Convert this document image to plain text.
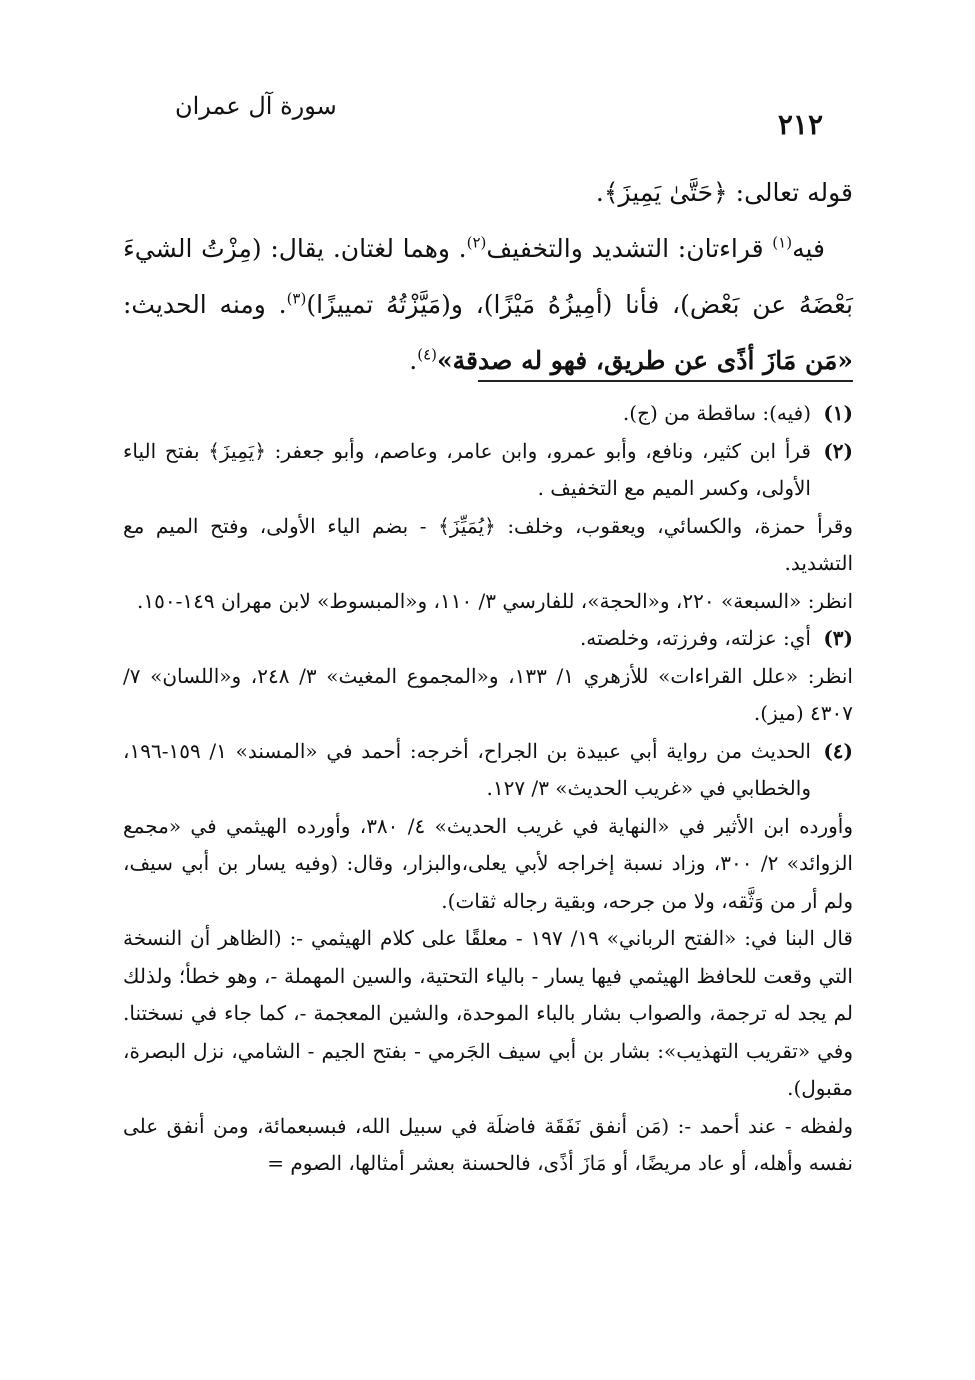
٢١٢
سورة آل عمران

قوله تعالى: ﴿حَتَّىٰ يَمِيزَ﴾.

فيه$^{(١)}$ قراءتان: التشديد والتخفيف$^{(٢)}$. وهما لغتان. يقال: (مِزْتُ الشيءَ بَعْضَهُ عن بَعْض)، فأنا (أمِيزُهُ مَيْزًا)، و(مَيَّزْتُهُ تمييزًا)$^{(٣)}$. ومنه الحديث: «مَن مَازَ أذًى عن طريق، فهو له صدقة»$^{(٤)}$.

(١)

(فيه): ساقطة من (ج).

(٢)

قرأ ابن كثير، ونافع، وأبو عمرو، وابن عامر، وعاصم، وأبو جعفر: ﴿يَمِيزَ﴾ بفتح الياء الأولى، وكسر الميم مع التخفيف .

وقرأ حمزة، والكسائي، ويعقوب، وخلف: ﴿يُمَيِّزَ﴾ - بضم الياء الأولى، وفتح الميم مع التشديد.

انظر: «السبعة» ٢٢٠، و«الحجة»، للفارسي ٣/ ١١٠، و«المبسوط» لابن مهران ١٤٩-١٥٠.

(٣)

أي: عزلته، وفرزته، وخلصته.

انظر: «علل القراءات» للأزهري ١/ ١٣٣، و«المجموع المغيث» ٣/ ٢٤٨، و«اللسان» ٧/ ٤٣٠٧ (ميز).

(٤)

الحديث من رواية أبي عبيدة بن الجراح، أخرجه: أحمد في «المسند» ١/ ١٥٩-١٩٦، والخطابي في «غريب الحديث» ٣/ ١٢٧.

وأورده ابن الأثير في «النهاية في غريب الحديث» ٤/ ٣٨٠، وأورده الهيثمي في «مجمع الزوائد» ٢/ ٣٠٠، وزاد نسبة إخراجه لأبي يعلى،والبزار، وقال: (وفيه يسار بن أبي سيف، ولم أر من وَثَّقه، ولا من جرحه، وبقية رجاله ثقات).

قال البنا في: «الفتح الرباني» ١٩/ ١٩٧ - معلقًا على كلام الهيثمي -: (الظاهر أن النسخة التي وقعت للحافظ الهيثمي فيها يسار - بالياء التحتية، والسين المهملة -، وهو خطأ؛ ولذلك لم يجد له ترجمة، والصواب بشار بالباء الموحدة، والشين المعجمة -، كما جاء في نسختنا. وفي «تقريب التهذيب»: بشار بن أبي سيف الجَرمي - بفتح الجيم - الشامي، نزل البصرة، مقبول).

ولفظه - عند أحمد -: (مَن أنفق نَفَقَة فاضلَة في سبيل الله، فبسبعمائة، ومن أنفق على نفسه وأهله، أو عاد مريضًا، أو مَازَ أذًى، فالحسنة بعشر أمثالها، الصوم =
